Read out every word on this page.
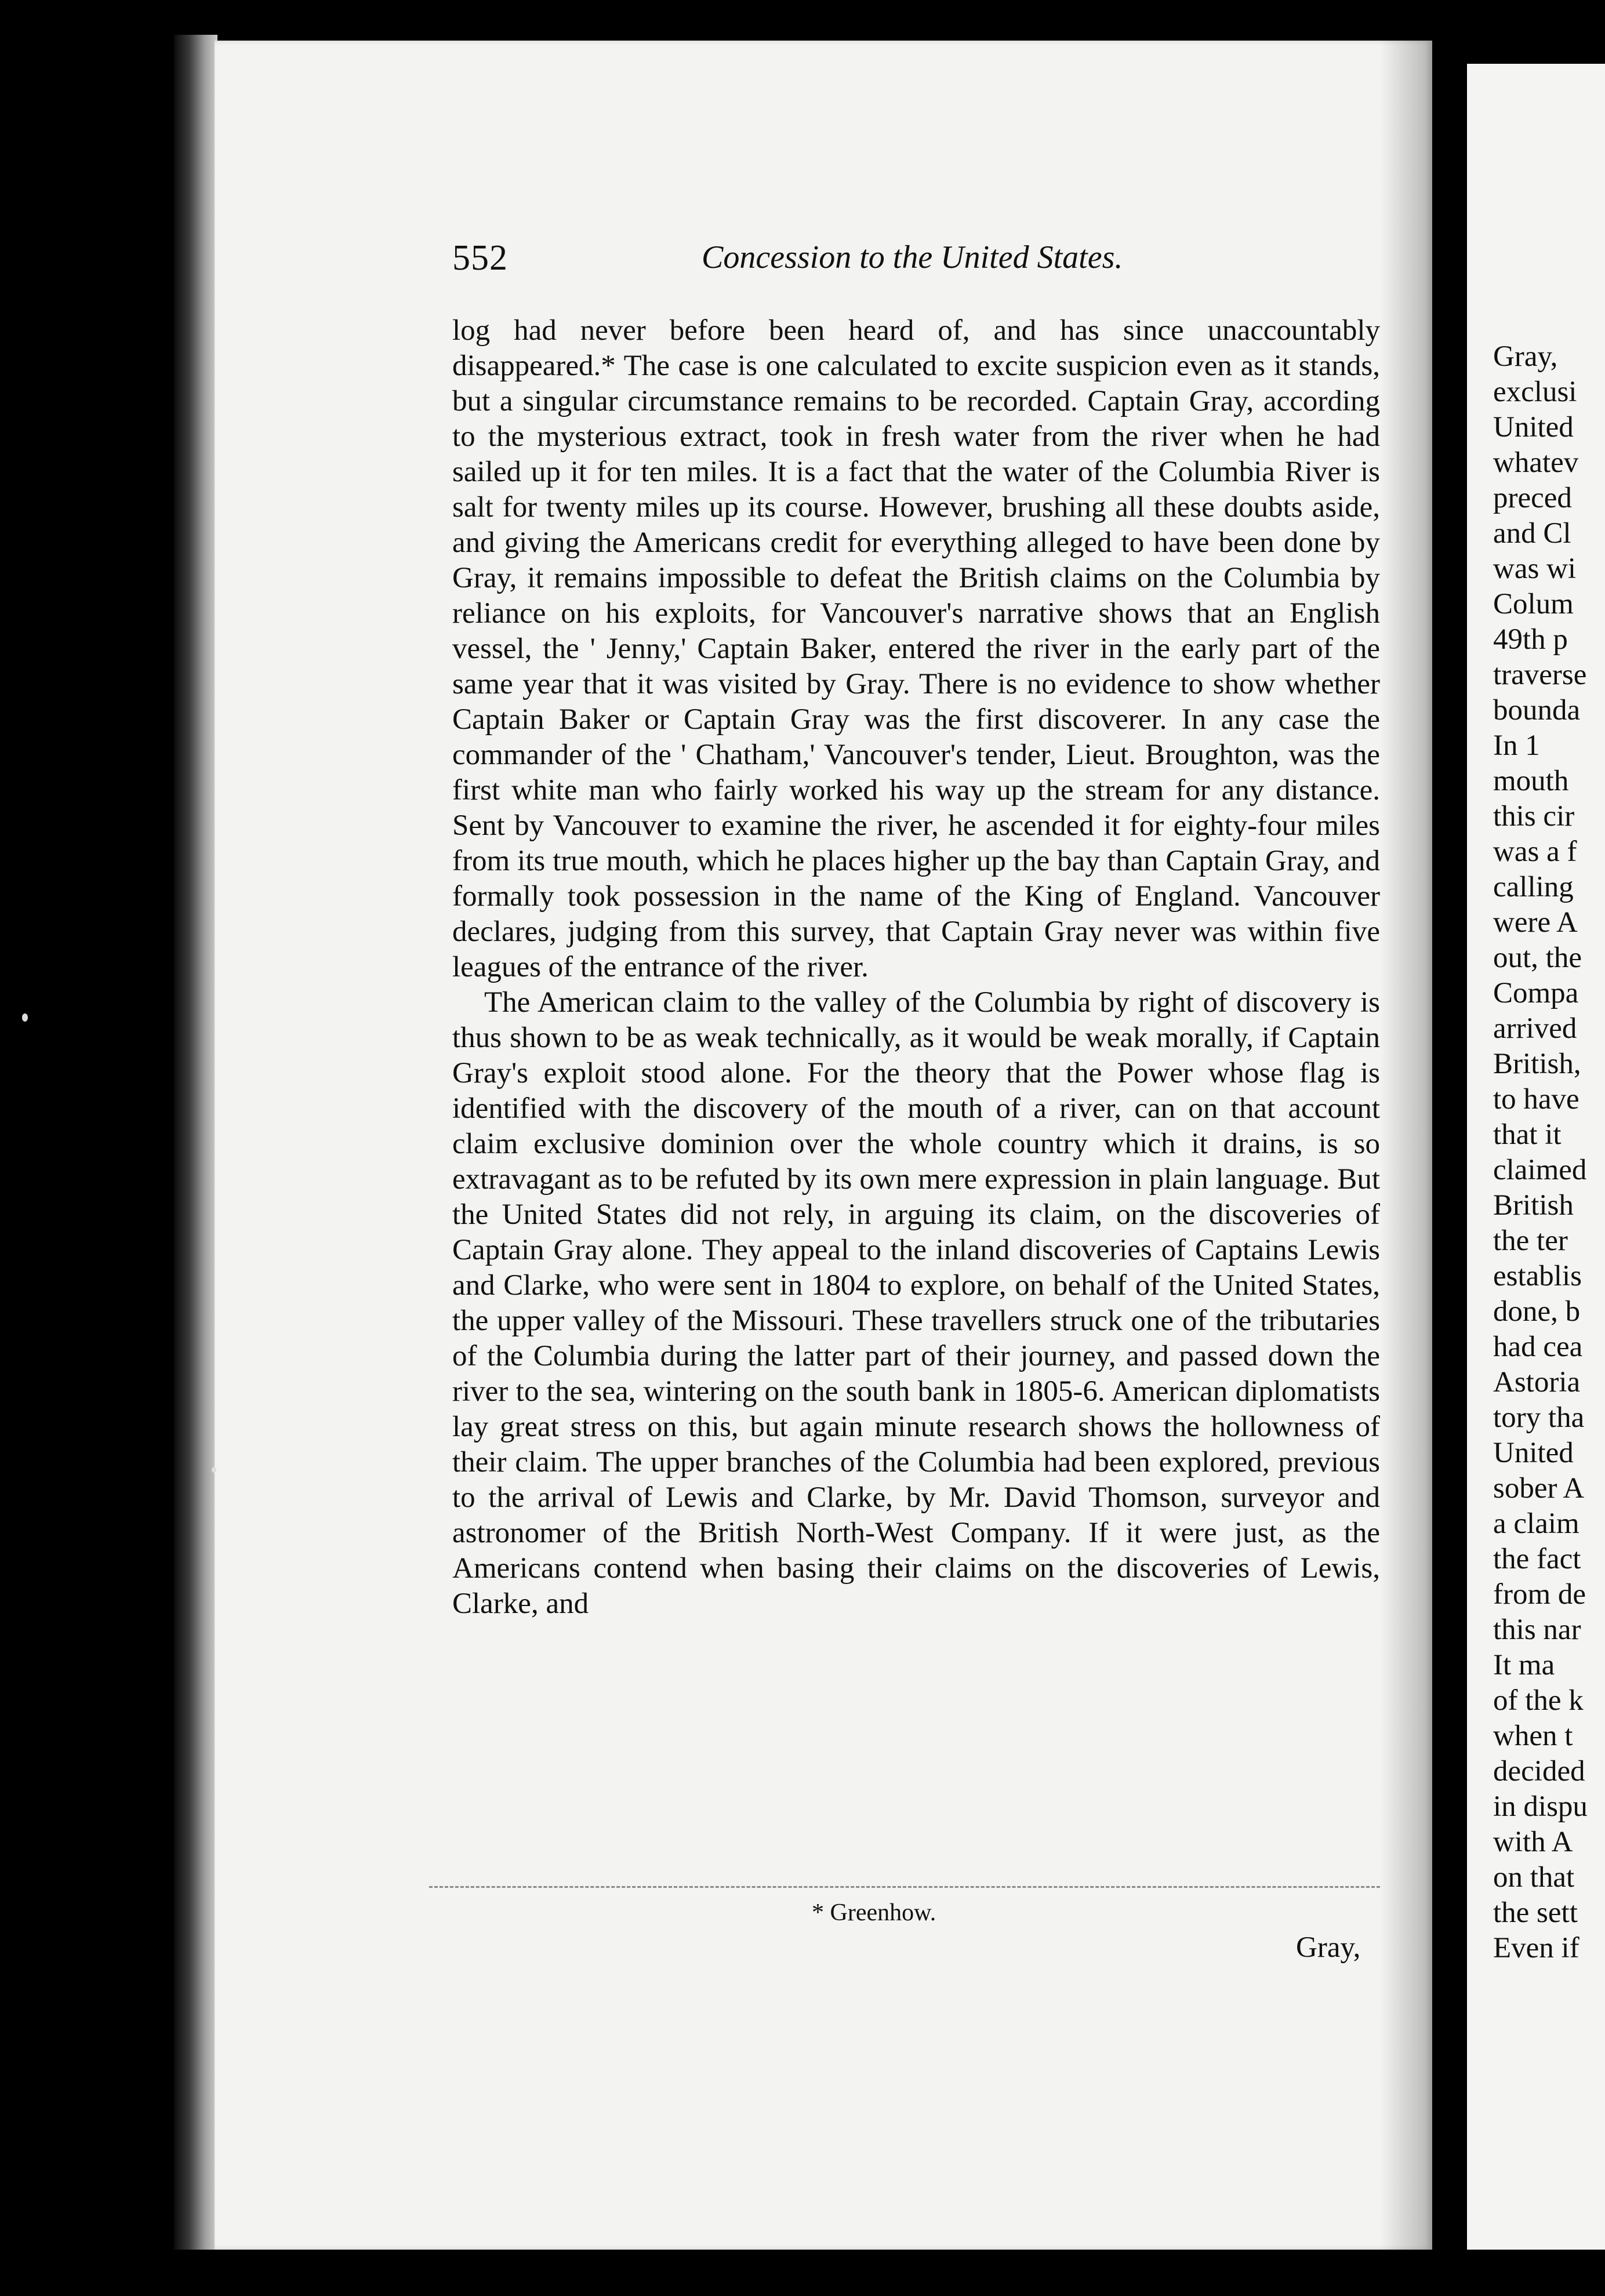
552	Concession to the United States.

log had never before been heard of, and has since unaccountably disappeared.* The case is one calculated to excite suspicion even as it stands, but a singular circumstance remains to be recorded. Captain Gray, according to the mysterious extract, took in fresh water from the river when he had sailed up it for ten miles. It is a fact that the water of the Columbia River is salt for twenty miles up its course. However, brushing all these doubts aside, and giving the Americans credit for everything alleged to have been done by Gray, it remains impossible to defeat the British claims on the Columbia by reliance on his exploits, for Vancouver's narrative shows that an English vessel, the ' Jenny,' Captain Baker, entered the river in the early part of the same year that it was visited by Gray. There is no evidence to show whether Captain Baker or Captain Gray was the first discoverer. In any case the commander of the ' Chatham,' Vancouver's tender, Lieut. Broughton, was the first white man who fairly worked his way up the stream for any distance. Sent by Vancouver to examine the river, he ascended it for eighty-four miles from its true mouth, which he places higher up the bay than Captain Gray, and formally took possession in the name of the King of England. Vancouver declares, judging from this survey, that Captain Gray never was within five leagues of the entrance of the river.

The American claim to the valley of the Columbia by right of discovery is thus shown to be as weak technically, as it would be weak morally, if Captain Gray's exploit stood alone. For the theory that the Power whose flag is identified with the discovery of the mouth of a river, can on that account claim exclusive dominion over the whole country which it drains, is so extravagant as to be refuted by its own mere expression in plain language. But the United States did not rely, in arguing its claim, on the discoveries of Captain Gray alone. They appeal to the inland discoveries of Captains Lewis and Clarke, who were sent in 1804 to explore, on behalf of the United States, the upper valley of the Missouri. These travellers struck one of the tributaries of the Columbia during the latter part of their journey, and passed down the river to the sea, wintering on the south bank in 1805-6. American diplomatists lay great stress on this, but again minute research shows the hollowness of their claim. The upper branches of the Columbia had been explored, previous to the arrival of Lewis and Clarke, by Mr. David Thomson, surveyor and astronomer of the British North-West Company. If it were just, as the Americans contend when basing their claims on the discoveries of Lewis, Clarke, and

* Greenhow.
Gray,
Gray,
exclusi
United
whatev
preced
and Cl
was wi
Colum
49th p
traverse
bounda
In 1
mouth
this cir
was a f
calling
were A
out, the
Compa
arrived
British,
to have
that it
claimed
British
the ter
establis
done, b
had cea
Astoria
tory tha
United
sober A
a claim
the fact
from de
this nar
It ma
of the k
when t
decided
in dispu
with A
on that
the sett
Even if
